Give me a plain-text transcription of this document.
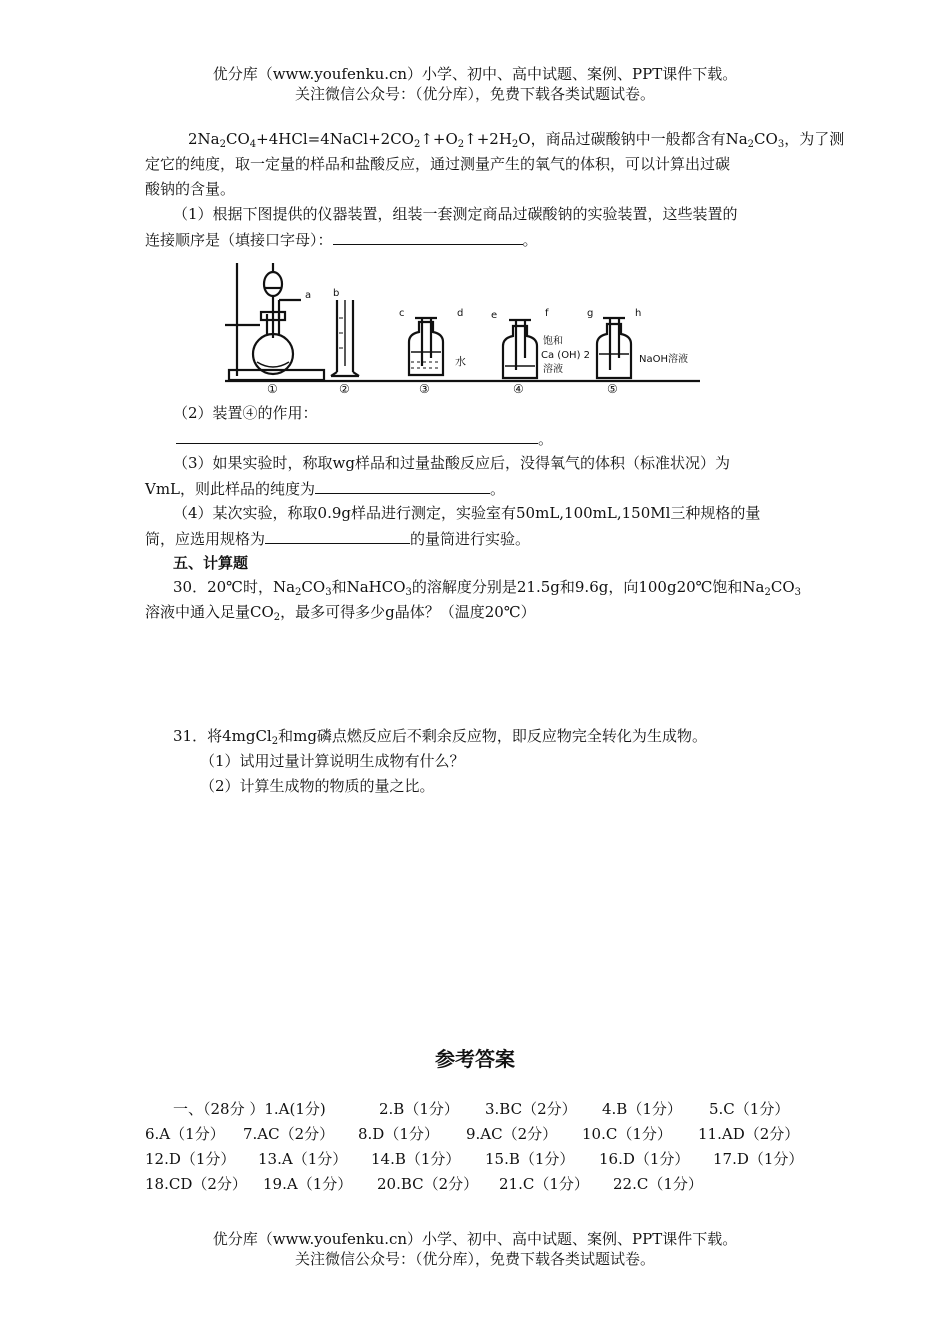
优分库（www.youfenku.cn）小学、初中、高中试题、案例、PPT课件下载。
关注微信公众号：（优分库），免费下载各类试题试卷。
$2Na_2CO_4+4HCl=4NaCl+2CO_2↑+O_2↑+2H_2O$，商品过碳酸钠中一般都含有$Na_2CO_3$，为了测
定它的纯度，取一定量的样品和盐酸反应，通过测量产生的氧气的体积，可以计算出过碳
酸钠的含量。
（1）根据下图提供的仪器装置，组装一套测定商品过碳酸钠的实验装置，这些装置的
连接顺序是（填接口字母）：	。
a b
c	d	e	f	g	h
水
饱和
Ca (OH) 2
溶液
NaOH溶液
①	②	③	④	⑤
（2）装置④的作用：
。
（3）如果实验时，称取wg样品和过量盐酸反应后，没得氧气的体积（标准状况）为
VmL，则此样品的纯度为	。
（4）某次实验，称取0.9g样品进行测定，实验室有50mL,100mL,150Ml三种规格的量
筒，应选用规格为	的量筒进行实验。
五、计算题
30．20℃时，$Na_2CO_3$和NaHCO$_3$的溶解度分别是21.5g和9.6g，向100g20℃饱和$Na_2CO_3$
溶液中通入足量$CO_2$，最多可得多少g晶体？（温度20℃）
31．将4mgCl$_2$和mg磷点燃反应后不剩余反应物，即反应物完全转化为生成物。
（1）试用过量计算说明生成物有什么？
（2）计算生成物的物质的量之比。
参考答案
一、（28分 ）1.A(1分)	2.B（1分） 3.BC（2分） 4.B（1分） 5.C（1分）
6.A（1分） 7.AC（2分） 8.D（1分） 9.AC（2分） 10.C（1分） 11.AD（2分）
12.D（1分） 13.A（1分） 14.B（1分） 15.B（1分） 16.D（1分） 17.D（1分）
18.CD（2分） 19.A（1分） 20.BC（2分） 21.C（1分） 22.C（1分）
优分库（www.youfenku.cn）小学、初中、高中试题、案例、PPT课件下载。
关注微信公众号：（优分库），免费下载各类试题试卷。
